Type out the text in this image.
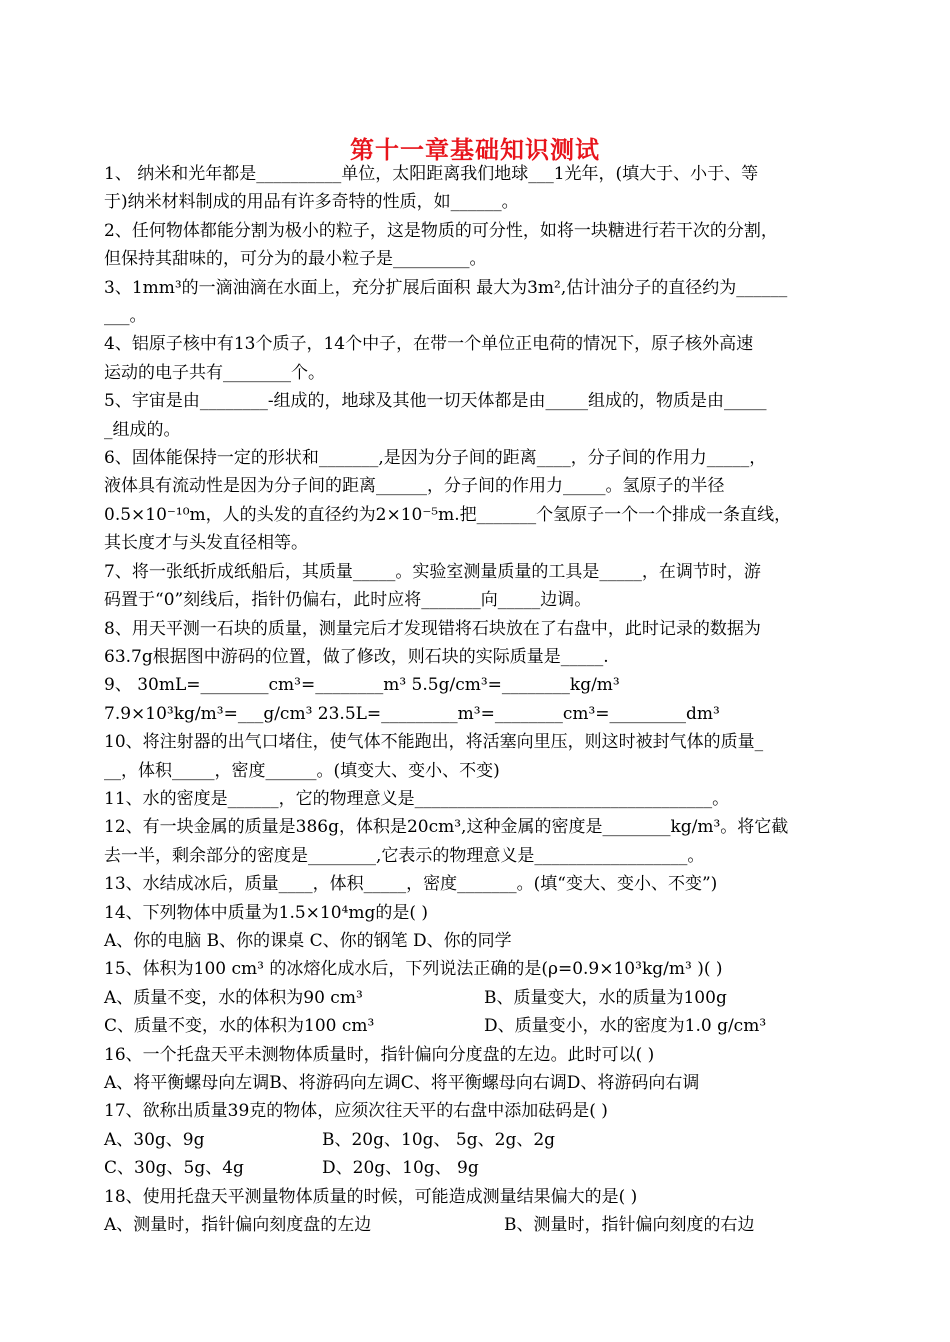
第十一章基础知识测试
1、 纳米和光年都是__________单位，太阳距离我们地球___1光年，(填大于、小于、等
于)纳米材料制成的用品有许多奇特的性质，如______。
2、任何物体都能分割为极小的粒子，这是物质的可分性，如将一块糖进行若干次的分割，
但保持其甜味的，可分为的最小粒子是_________。
3、1mm³的一滴油滴在水面上，充分扩展后面积 最大为3m²,估计油分子的直径约为______
___。
4、铝原子核中有13个质子，14个中子，在带一个单位正电荷的情况下，原子核外高速
运动的电子共有________个。
5、宇宙是由________-组成的，地球及其他一切天体都是由_____组成的，物质是由_____
_组成的。
6、固体能保持一定的形状和_______,是因为分子间的距离____，分子间的作用力_____，
液体具有流动性是因为分子间的距离______，分子间的作用力_____。氢原子的半径
0.5×10⁻¹⁰m，人的头发的直径约为2×10⁻⁵m.把_______个氢原子一个一个排成一条直线，
其长度才与头发直径相等。
7、将一张纸折成纸船后，其质量_____。实验室测量质量的工具是_____，在调节时，游
码置于“0”刻线后，指针仍偏右，此时应将_______向_____边调。
8、用天平测一石块的质量，测量完后才发现错将石块放在了右盘中，此时记录的数据为
63.7g根据图中游码的位置，做了修改，则石块的实际质量是_____.
9、 30mL=________cm³=________m³ 5.5g/cm³=________kg/m³
7.9×10³kg/m³=___g/cm³ 23.5L=_________m³=________cm³=_________dm³
10、将注射器的出气口堵住，使气体不能跑出，将活塞向里压，则这时被封气体的质量_
__，体积_____，密度______。(填变大、变小、不变)
11、水的密度是______，它的物理意义是___________________________________。
12、有一块金属的质量是386g，体积是20cm³,这种金属的密度是________kg/m³。将它截
去一半，剩余部分的密度是________,它表示的物理意义是__________________。
13、水结成冰后，质量____，体积_____，密度_______。(填“变大、变小、不变”)
14、下列物体中质量为1.5×10⁴mg的是( )
A、你的电脑 B、你的课桌 C、你的钢笔 D、你的同学
15、体积为100 cm³ 的冰熔化成水后，下列说法正确的是(ρ=0.9×10³kg/m³ )( )
A、质量不变，水的体积为90 cm³	B、质量变大，水的质量为100g
C、质量不变，水的体积为100 cm³	D、质量变小，水的密度为1.0 g/cm³
16、一个托盘天平未测物体质量时，指针偏向分度盘的左边。此时可以( )
A、将平衡螺母向左调B、将游码向左调C、将平衡螺母向右调D、将游码向右调
17、欲称出质量39克的物体，应须次往天平的右盘中添加砝码是( )
A、30g、9g	B、20g、10g、 5g、2g、2g
C、30g、5g、4g	D、20g、10g、 9g
18、使用托盘天平测量物体质量的时候，可能造成测量结果偏大的是( )
A、测量时，指针偏向刻度盘的左边	B、测量时，指针偏向刻度的右边
